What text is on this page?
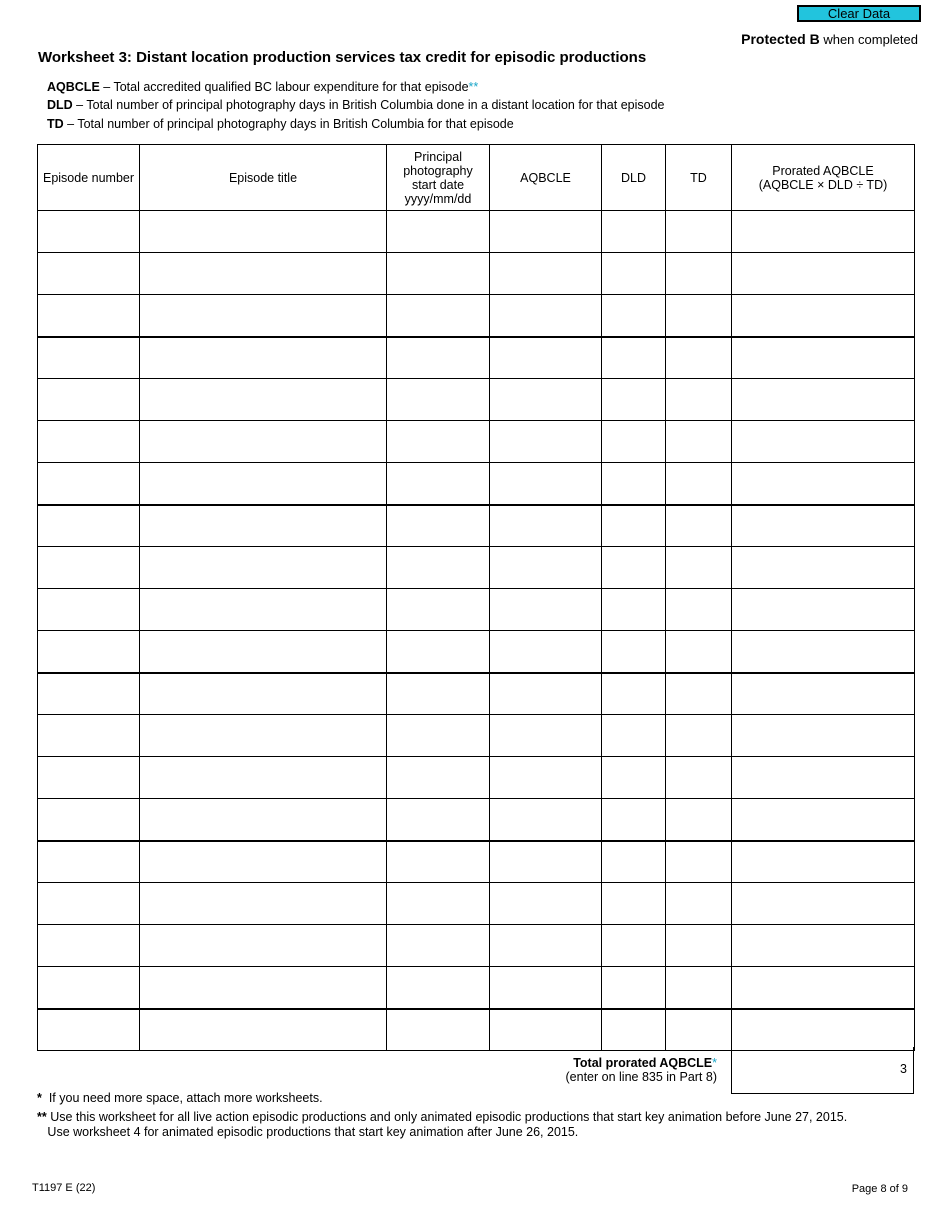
Clear Data
Protected B when completed
Worksheet 3: Distant location production services tax credit for episodic productions
AQBCLE – Total accredited qualified BC labour expenditure for that episode**
DLD – Total number of principal photography days in British Columbia done in a distant location for that episode
TD – Total number of principal photography days in British Columbia for that episode
Episode number	Episode title	Principal
photography
start date
yyyy/mm/dd	AQBCLE	DLD	TD	Prorated AQBCLE
(AQBCLE × DLD ÷ TD)

Total prorated AQBCLE*
(enter on line 835 in Part 8)
3
* If you need more space, attach more worksheets.
** Use this worksheet for all live action episodic productions and only animated episodic productions that start key animation before June 27, 2015.
Use worksheet 4 for animated episodic productions that start key animation after June 26, 2015.
T1197 E (22)	Page 8 of 9
